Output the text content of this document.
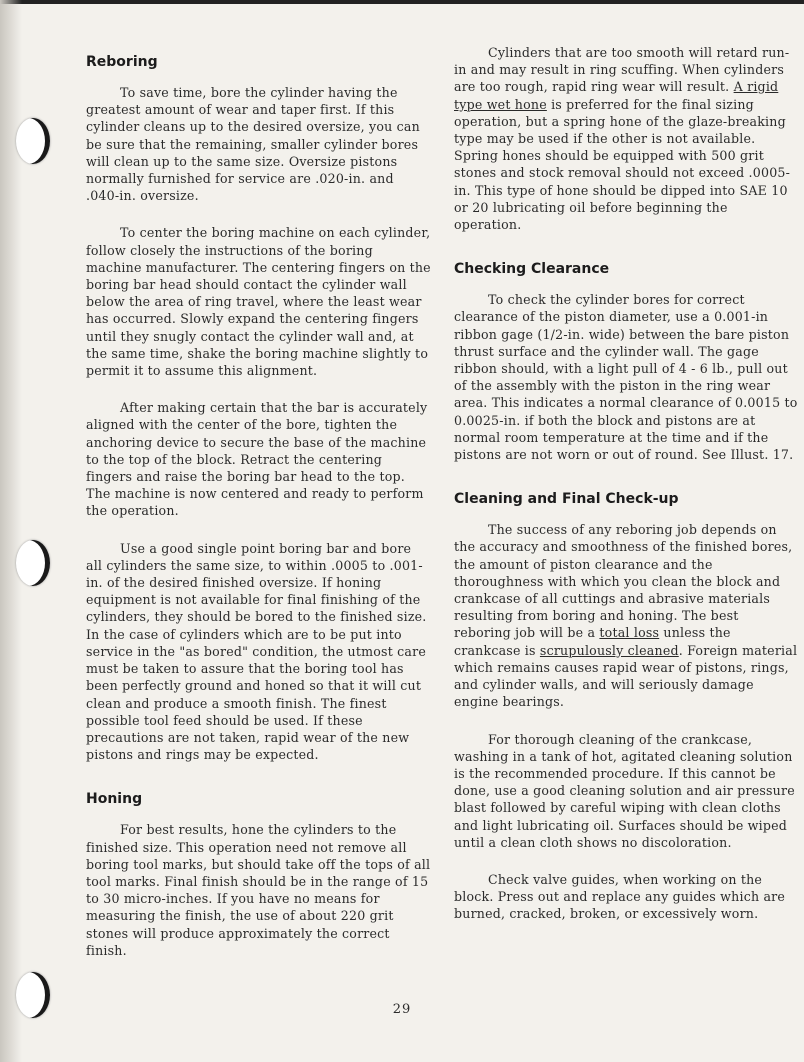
Reboring

To save time, bore the cylinder having the greatest amount of wear and taper first. If this cylinder cleans up to the desired oversize, you can be sure that the remaining, smaller cylinder bores will clean up to the same size. Oversize pistons normally furnished for service are .020-in. and .040-in. oversize.

To center the boring machine on each cylinder, follow closely the instructions of the boring machine manufacturer. The centering fingers on the boring bar head should contact the cylinder wall below the area of ring travel, where the least wear has occurred. Slowly expand the centering fingers until they snugly contact the cylinder wall and, at the same time, shake the boring machine slightly to permit it to assume this alignment.

After making certain that the bar is accurately aligned with the center of the bore, tighten the anchoring device to secure the base of the machine to the top of the block. Retract the centering fingers and raise the boring bar head to the top. The machine is now centered and ready to perform the operation.

Use a good single point boring bar and bore all cylinders the same size, to within .0005 to .001-in. of the desired finished oversize. If honing equipment is not available for final finishing of the cylinders, they should be bored to the finished size. In the case of cylinders which are to be put into service in the "as bored" condition, the utmost care must be taken to assure that the boring tool has been perfectly ground and honed so that it will cut clean and produce a smooth finish. The finest possible tool feed should be used. If these precautions are not taken, rapid wear of the new pistons and rings may be expected.

Honing

For best results, hone the cylinders to the finished size. This operation need not remove all boring tool marks, but should take off the tops of all tool marks. Final finish should be in the range of 15 to 30 micro-inches. If you have no means for measuring the finish, the use of about 220 grit stones will produce approximately the correct finish.

Cylinders that are too smooth will retard run-in and may result in ring scuffing. When cylinders are too rough, rapid ring wear will result. A rigid type wet hone is preferred for the final sizing operation, but a spring hone of the glaze-breaking type may be used if the other is not available. Spring hones should be equipped with 500 grit stones and stock removal should not exceed .0005-in. This type of hone should be dipped into SAE 10 or 20 lubricating oil before beginning the operation.

Checking Clearance

To check the cylinder bores for correct clearance of the piston diameter, use a 0.001-in ribbon gage (1/2-in. wide) between the bare piston thrust surface and the cylinder wall. The gage ribbon should, with a light pull of 4 - 6 lb., pull out of the assembly with the piston in the ring wear area. This indicates a normal clearance of 0.0015 to 0.0025-in. if both the block and pistons are at normal room temperature at the time and if the pistons are not worn or out of round. See Illust. 17.

Cleaning and Final Check-up

The success of any reboring job depends on the accuracy and smoothness of the finished bores, the amount of piston clearance and the thoroughness with which you clean the block and crankcase of all cuttings and abrasive materials resulting from boring and honing. The best reboring job will be a total loss unless the crankcase is scrupulously cleaned. Foreign material which remains causes rapid wear of pistons, rings, and cylinder walls, and will seriously damage engine bearings.

For thorough cleaning of the crankcase, washing in a tank of hot, agitated cleaning solution is the recommended procedure. If this cannot be done, use a good cleaning solution and air pressure blast followed by careful wiping with clean cloths and light lubricating oil. Surfaces should be wiped until a clean cloth shows no discoloration.

Check valve guides, when working on the block. Press out and replace any guides which are burned, cracked, broken, or excessively worn.

29
